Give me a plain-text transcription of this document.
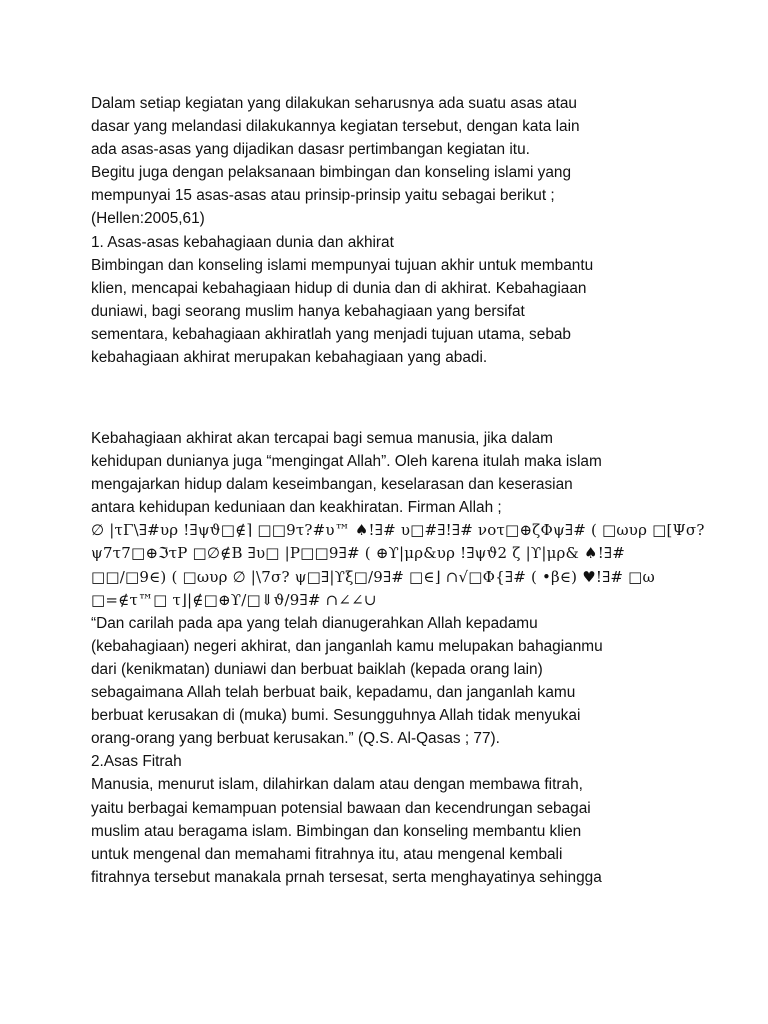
Dalam setiap kegiatan yang dilakukan seharusnya ada suatu asas atau
dasar yang melandasi dilakukannya kegiatan tersebut, dengan kata lain
ada asas-asas yang dijadikan dasasr pertimbangan kegiatan itu.
Begitu juga dengan pelaksanaan bimbingan dan konseling islami yang
mempunyai 15 asas-asas atau prinsip-prinsip yaitu sebagai berikut ;
(Hellen:2005,61)
1. Asas-asas kebahagiaan dunia dan akhirat
Bimbingan dan konseling islami mempunyai tujuan akhir untuk membantu
klien, mencapai kebahagiaan hidup di dunia dan di akhirat. Kebahagiaan
duniawi, bagi seorang muslim hanya kebahagiaan yang bersifat
sementara, kebahagiaan akhiratlah yang menjadi tujuan utama, sebab
kebahagiaan akhirat merupakan kebahagiaan yang abadi.
Kebahagiaan akhirat akan tercapai bagi semua manusia, jika dalam
kehidupan dunianya juga “mengingat Allah”. Oleh karena itulah maka islam
mengajarkan hidup dalam keseimbangan, keselarasan dan keserasian
antara kehidupan keduniaan dan keakhiratan. Firman Allah ;
∅ |τΓ\∃#υρ !∃ψϑ□∉⌉ □□9τ?#υ™ ♠!∃# υ□#∃!∃# νοτ□⊕ζΦψ∃# ( □ωυρ □[Ψσ?
ψ7τ7□⊕ℑτP □∅∉Β ∃υ□ |P□□9∃# ( ⊕ϒ|μρ&υρ !∃ψϑ2 ζ |ϒ|μρ& ♠!∃#
□□/□9∈) ( □ωυρ ∅ |\7σ? ψ□∃|ϒξ□/9∃# □∈⌋ ∩√□Φ{∃# ( •β∈) ♥!∃# □ω
□=∉τ™□ τ⌋|∉□⊕ϒ/□⇓ϑ/9∃# ∩∠∠∪
“Dan carilah pada apa yang telah dianugerahkan Allah kepadamu
(kebahagiaan) negeri akhirat, dan janganlah kamu melupakan bahagianmu
dari (kenikmatan) duniawi dan berbuat baiklah (kepada orang lain)
sebagaimana Allah telah berbuat baik, kepadamu, dan janganlah kamu
berbuat kerusakan di (muka) bumi. Sesungguhnya Allah tidak menyukai
orang-orang yang berbuat kerusakan.” (Q.S. Al-Qasas ; 77).
2.Asas Fitrah
Manusia, menurut islam, dilahirkan dalam atau dengan membawa fitrah,
yaitu berbagai kemampuan potensial bawaan dan kecendrungan sebagai
muslim atau beragama islam. Bimbingan dan konseling membantu klien
untuk mengenal dan memahami fitrahnya itu, atau mengenal kembali
fitrahnya tersebut manakala prnah tersesat, serta menghayatinya sehingga
